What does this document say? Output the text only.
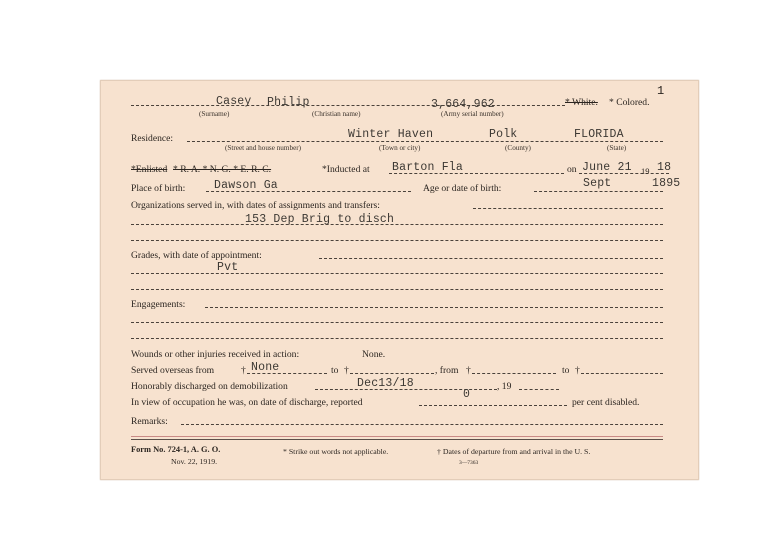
1
Casey Philip	3,664,962	* White. * Colored.
(Surname)	(Christian name)	(Army serial number)
Residence:	Winter Haven	Polk	FLORIDA
(Street and house number)	(Town or city)	(County)	(State)
*Enlisted * R. A. * N. G. * E. R. C.	*Inducted at Barton Fla	on June 21 19 18
Place of birth: Dawson Ga	Age or date of birth:	Sept	1895
Organizations served in, with dates of assignments and transfers:
153 Dep Brig to disch
Grades, with date of appointment:
Pvt
Engagements:
Wounds or other injuries received in action:	None.
Served overseas from	† None	to †	, from †	to †
Honorably discharged on demobilization	Dec13/18	, 19
In view of occupation he was, on date of discharge, reported
0
per cent disabled.
Remarks:
Form No. 724-1, A. G. O.
Nov. 22, 1919.
* Strike out words not applicable.	† Dates of departure from and arrival in the U. S.
3—7363
